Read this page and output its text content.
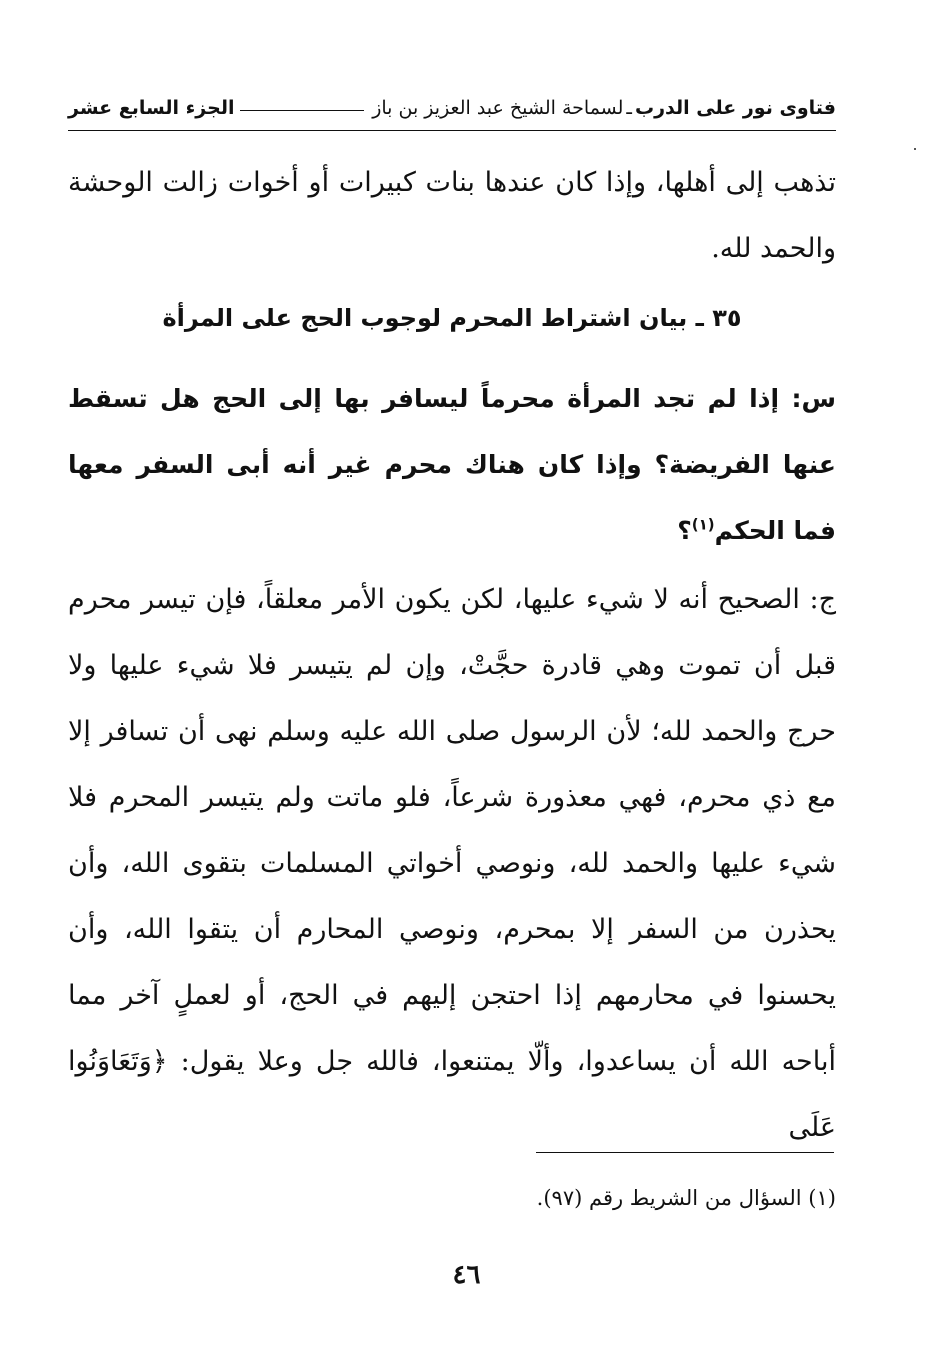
فتاوى نور على الدرب
ـ
لسماحة الشيخ عبد العزيز بن باز
الجزء السابع عشر
تذهب إلى أهلها، وإذا كان عندها بنات كبيرات أو أخوات زالت الوحشة والحمد لله.
٣٥ ـ بيان اشتراط المحرم لوجوب الحج على المرأة
س: إذا لم تجد المرأة محرماً ليسافر بها إلى الحج هل تسقط عنها الفريضة؟ وإذا كان هناك محرم غير أنه أبى السفر معها فما الحكم$^{(١)}$؟
ج: الصحيح أنه لا شيء عليها، لكن يكون الأمر معلقاً، فإن تيسر محرم قبل أن تموت وهي قادرة حجَّتْ، وإن لم يتيسر فلا شيء عليها ولا حرج والحمد لله؛ لأن الرسول صلى الله عليه وسلم نهى أن تسافر إلا مع ذي محرم، فهي معذورة شرعاً، فلو ماتت ولم يتيسر المحرم فلا شيء عليها والحمد لله، ونوصي أخواتي المسلمات بتقوى الله، وأن يحذرن من السفر إلا بمحرم، ونوصي المحارم أن يتقوا الله، وأن يحسنوا في محارمهم إذا احتجن إليهم في الحج، أو لعملٍ آخر مما أباحه الله أن يساعدوا، وألّا يمتنعوا، فالله جل وعلا يقول: ﴿وَتَعَاوَنُوا عَلَى
(١) السؤال من الشريط رقم (٩٧).
٤٦
